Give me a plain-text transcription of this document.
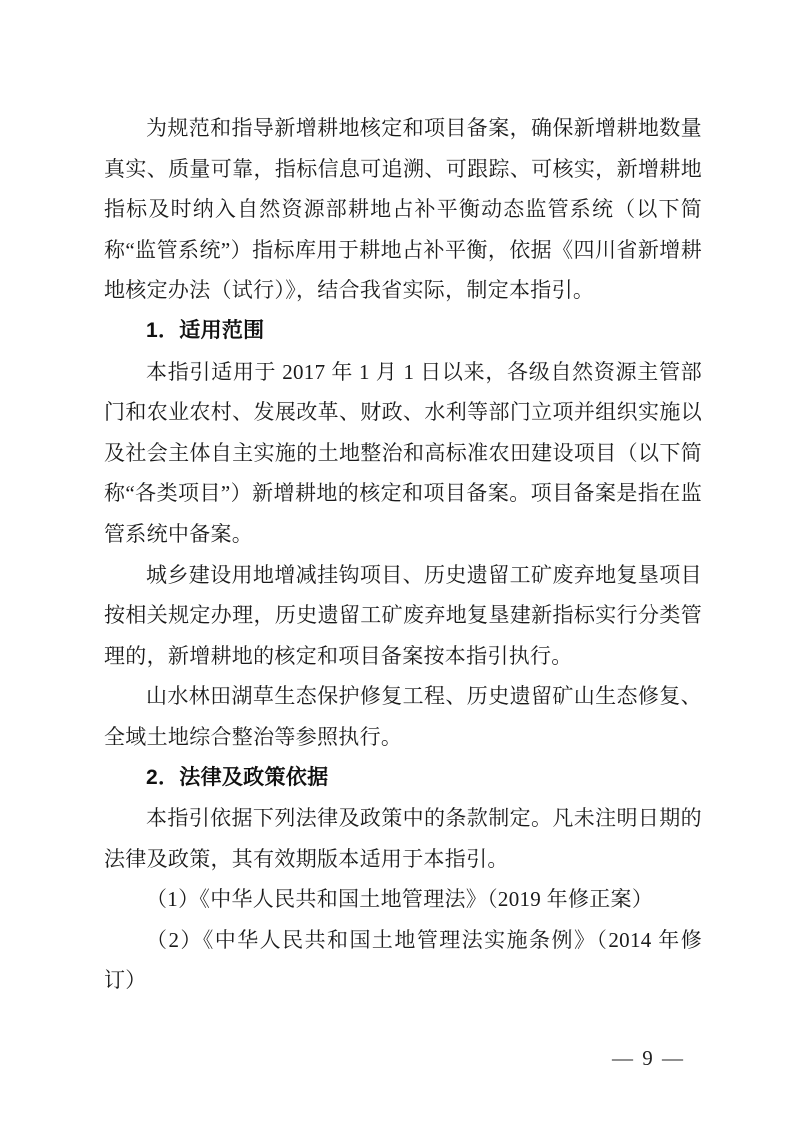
为规范和指导新增耕地核定和项目备案，确保新增耕地数量真实、质量可靠，指标信息可追溯、可跟踪、可核实，新增耕地指标及时纳入自然资源部耕地占补平衡动态监管系统（以下简称“监管系统”）指标库用于耕地占补平衡，依据《四川省新增耕地核定办法（试行）》，结合我省实际，制定本指引。

1．适用范围

本指引适用于 2017 年 1 月 1 日以来，各级自然资源主管部门和农业农村、发展改革、财政、水利等部门立项并组织实施以及社会主体自主实施的土地整治和高标准农田建设项目（以下简称“各类项目”）新增耕地的核定和项目备案。项目备案是指在监管系统中备案。

城乡建设用地增减挂钩项目、历史遗留工矿废弃地复垦项目按相关规定办理，历史遗留工矿废弃地复垦建新指标实行分类管理的，新增耕地的核定和项目备案按本指引执行。

山水林田湖草生态保护修复工程、历史遗留矿山生态修复、全域土地综合整治等参照执行。

2．法律及政策依据

本指引依据下列法律及政策中的条款制定。凡未注明日期的法律及政策，其有效期版本适用于本指引。

（1）《中华人民共和国土地管理法》（2019 年修正案）

（2）《中华人民共和国土地管理法实施条例》（2014 年修订）

— 9 —
